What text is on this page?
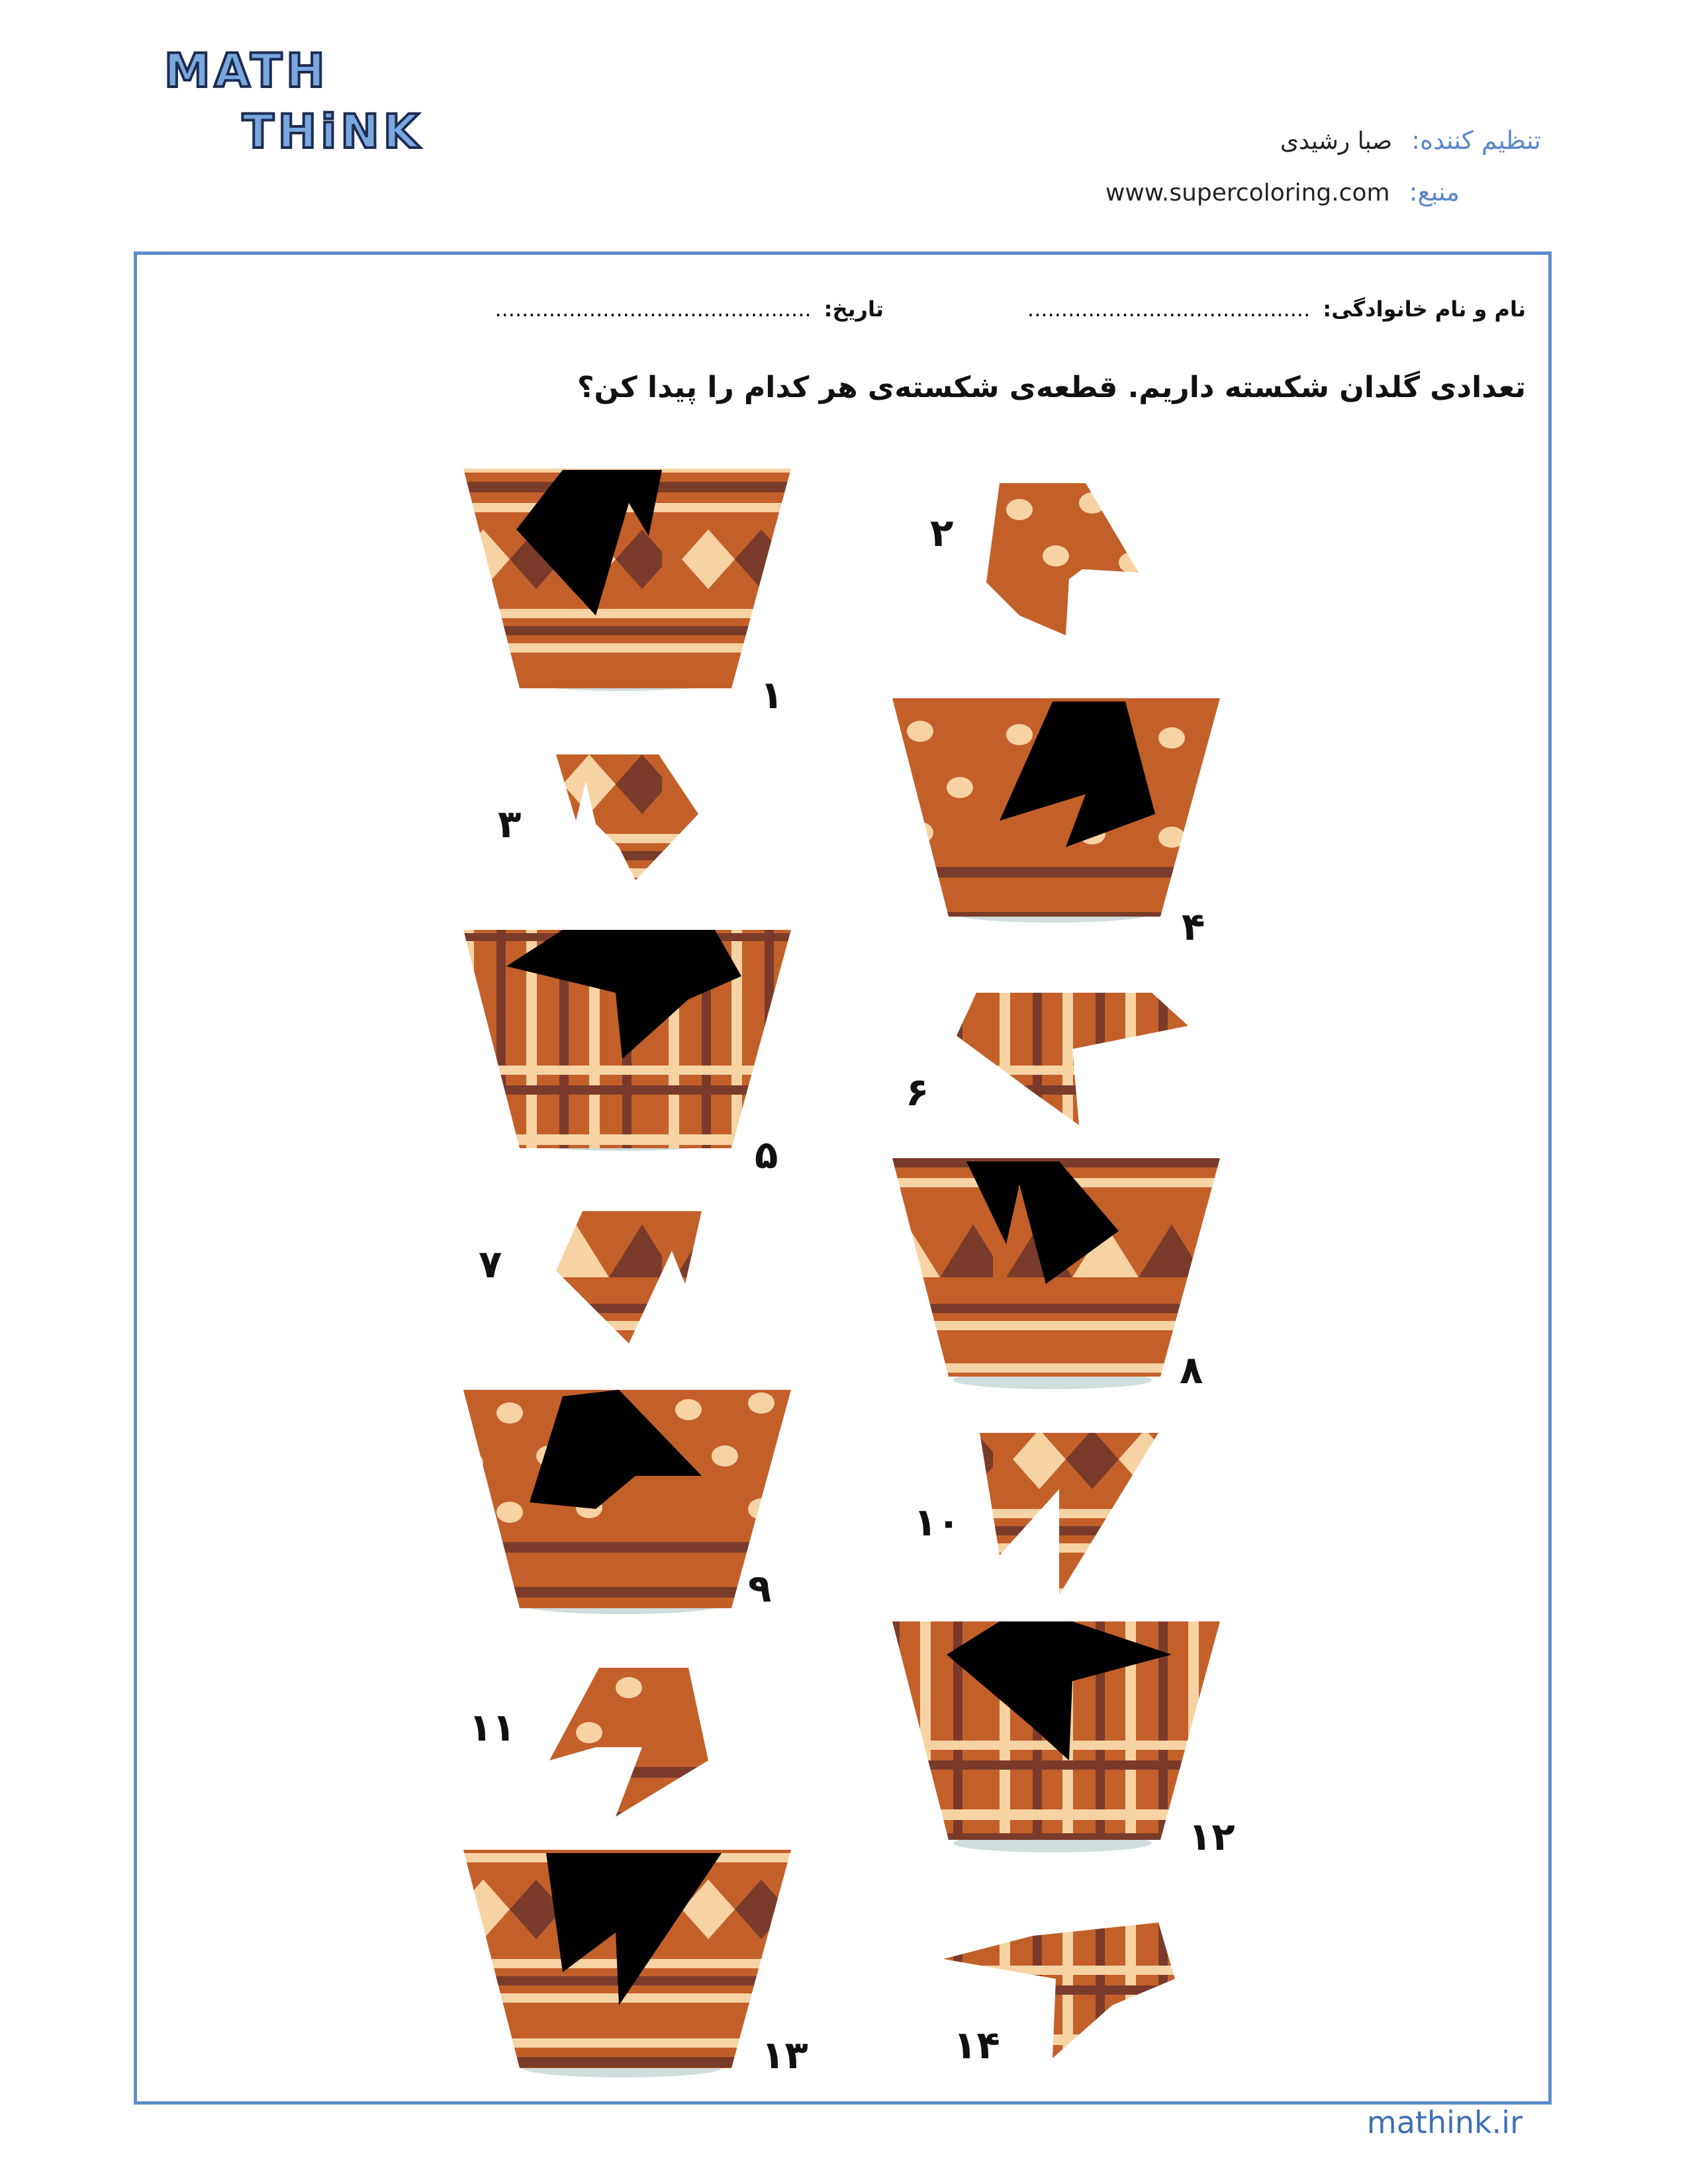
MATH
THiNK	تنظیم کننده: صبا رشیدی
منبع: www.supercoloring.com
نام و نام خانوادگی: ..........................................
تاریخ: ...............................................
تعدادی گلدان شکسته داریم. قطعه‌ی شکسته‌ی هر کدام را پیدا کن؟
۱
۲
۳
۴
۵
۶
۷
۸
۹
۱۰
۱۱
۱۲
۱۳	۱۴
mathink.ir
